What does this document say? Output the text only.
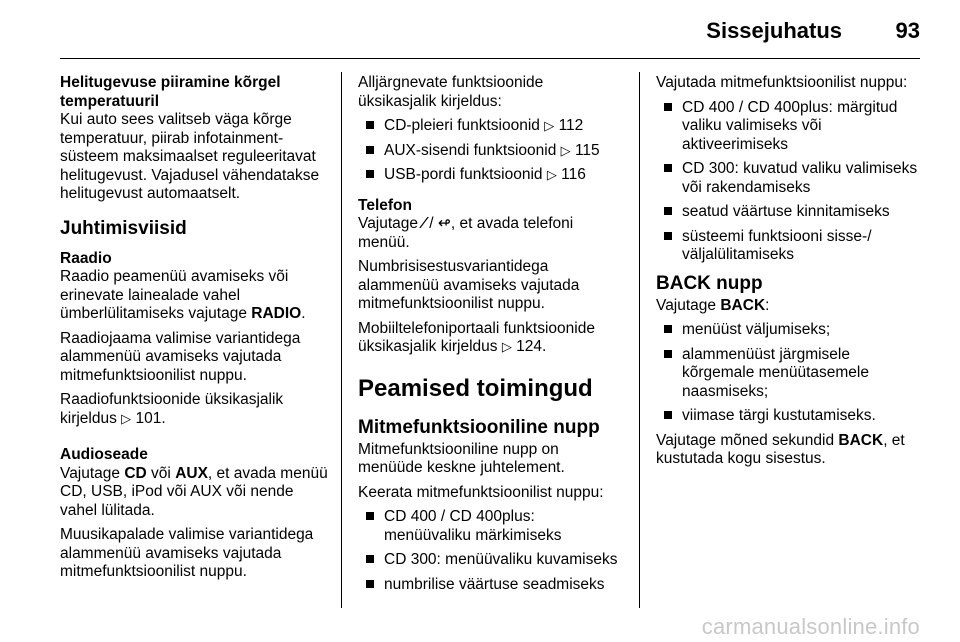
Sissejuhatus 93

Helitugevuse piiramine kõrgel temperatuuril

Kui auto sees valitseb väga kõrge temperatuur, piirab infotainment-süsteem maksimaalset reguleeritavat helitugevust. Vajadusel vähendatakse helitugevust automaatselt.

Juhtimisviisid

Raadio

Raadio peamenüü avamiseks või erinevate lainealade vahel ümberlülitamiseks vajutage RADIO.

Raadiojaama valimise variantidega alammenüü avamiseks vajutada mitmefunktsioonilist nuppu.

Raadiofunktsioonide üksikasjalik kirjeldus ▷ 101.

Audioseade

Vajutage CD või AUX, et avada menüü CD, USB, iPod või AUX või nende vahel lülitada.

Muusikapalade valimise variantidega alammenüü avamiseks vajutada mitmefunktsioonilist nuppu.

Alljärgnevate funktsioonide üksikasjalik kirjeldus:

CD-pleieri funktsioonid ▷ 112
AUX-sisendi funktsioonid ▷ 115
USB-pordi funktsioonid ▷ 116

Telefon

Vajutage ⁄ / ↫, et avada telefoni menüü.

Numbrisisestusvariantidega alammenüü avamiseks vajutada mitmefunktsioonilist nuppu.

Mobiiltelefoniportaali funktsioonide üksikasjalik kirjeldus ▷ 124.

Peamised toimingud
Mitmefunktsiooniline nupp

Mitmefunktsiooniline nupp on menüüde keskne juhtelement.

Keerata mitmefunktsioonilist nuppu:

CD 400 / CD 400plus: menüüvaliku märkimiseks
CD 300: menüüvaliku kuvamiseks
numbrilise väärtuse seadmiseks

Vajutada mitmefunktsioonilist nuppu:

CD 400 / CD 400plus: märgitud valiku valimiseks või aktiveerimiseks
CD 300: kuvatud valiku valimiseks või rakendamiseks
seatud väärtuse kinnitamiseks
süsteemi funktsiooni sisse-/ väljalülitamiseks
BACK nupp

Vajutage BACK:

menüüst väljumiseks;
alammenüüst järgmisele kõrgemale menüütasemele naasmiseks;
viimase tärgi kustutamiseks.

Vajutage mõned sekundid BACK, et kustutada kogu sisestus.

carmanualsonline.info
